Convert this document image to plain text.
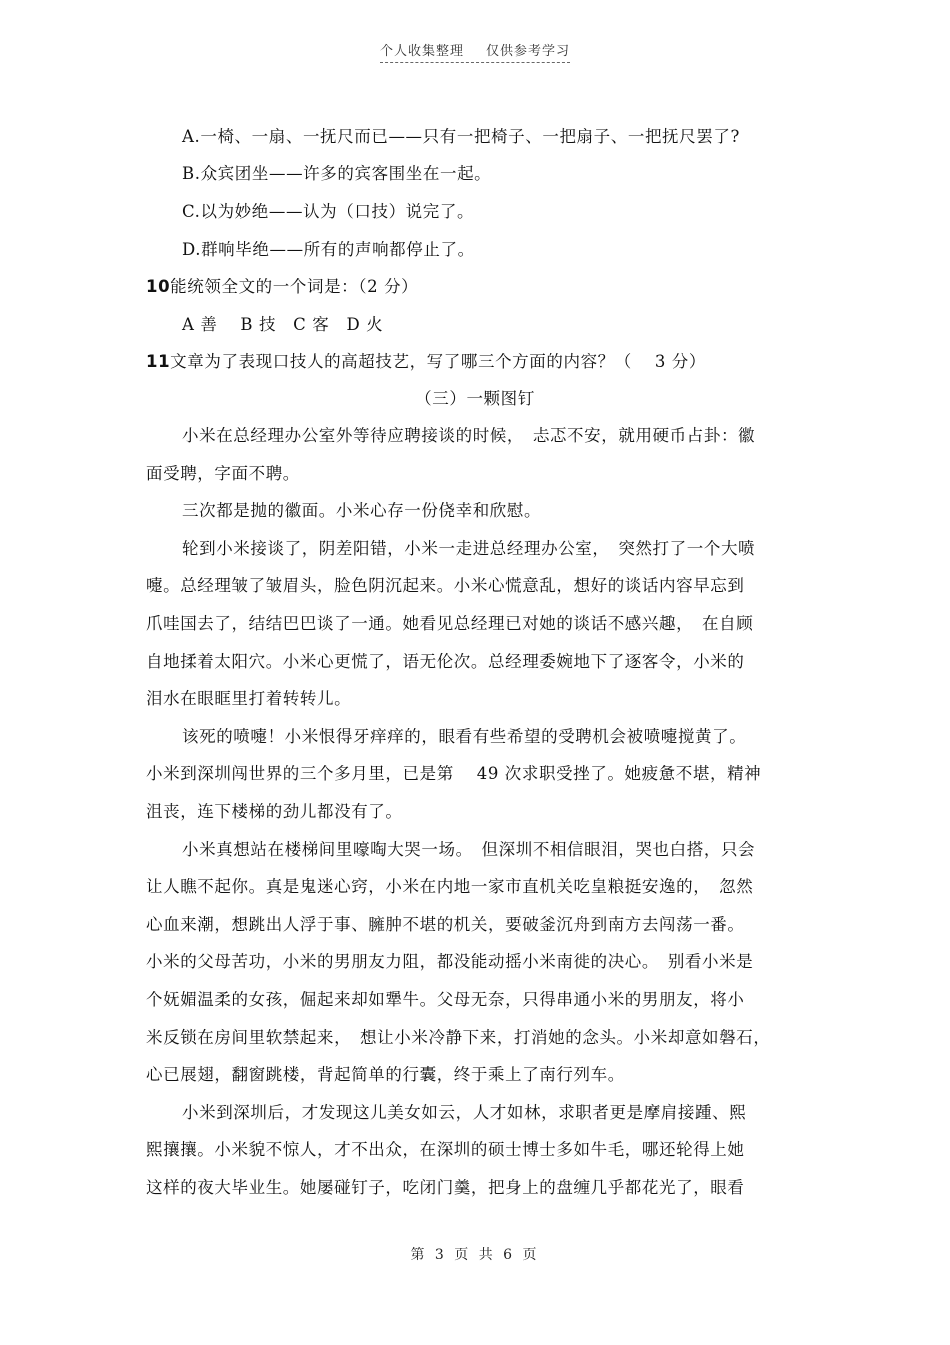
个人收集整理 仅供参考学习
A.一椅、一扇、一抚尺而已——只有一把椅子、一把扇子、一把抚尺罢了?
B.众宾团坐——许多的宾客围坐在一起。
C.以为妙绝——认为（口技）说完了。
D.群响毕绝——所有的声响都停止了。
10能统领全文的一个词是：（2 分）
A 善　 B 技　C 客　D 火
11文章为了表现口技人的高超技艺，写了哪三个方面的内容？（　 3 分）
（三）一颗图钉
小米在总经理办公室外等待应聘接谈的时候，　忐忑不安，就用硬币占卦：徽
面受聘，字面不聘。
三次都是抛的徽面。小米心存一份侥幸和欣慰。
轮到小米接谈了，阴差阳错，小米一走进总经理办公室，　突然打了一个大喷
嚏。总经理皱了皱眉头，脸色阴沉起来。小米心慌意乱，想好的谈话内容早忘到
爪哇国去了，结结巴巴谈了一通。她看见总经理已对她的谈话不感兴趣，　在自顾
自地揉着太阳穴。小米心更慌了，语无伦次。总经理委婉地下了逐客令，小米的
泪水在眼眶里打着转转儿。
该死的喷嚏！小米恨得牙痒痒的，眼看有些希望的受聘机会被喷嚏搅黄了。
小米到深圳闯世界的三个多月里，已是第　 49 次求职受挫了。她疲惫不堪，精神
沮丧，连下楼梯的劲儿都没有了。
小米真想站在楼梯间里嚎啕大哭一场。　但深圳不相信眼泪，哭也白搭，只会
让人瞧不起你。真是鬼迷心窍，小米在内地一家市直机关吃皇粮挺安逸的，　忽然
心血来潮，想跳出人浮于事、臃肿不堪的机关，要破釜沉舟到南方去闯荡一番。
小米的父母苦功，小米的男朋友力阻，都没能动摇小米南徙的决心。　别看小米是
个妩媚温柔的女孩，倔起来却如犟牛。父母无奈，只得串通小米的男朋友，将小
米反锁在房间里软禁起来，　想让小米冷静下来，打消她的念头。小米却意如磐石，
心已展翅，翻窗跳楼，背起简单的行囊，终于乘上了南行列车。
小米到深圳后，才发现这儿美女如云，人才如林，求职者更是摩肩接踵、熙
熙攘攘。小米貌不惊人，才不出众，在深圳的硕士博士多如牛毛，哪还轮得上她
这样的夜大毕业生。她屡碰钉子，吃闭门羹，把身上的盘缠几乎都花光了，眼看
第 3 页 共 6 页
